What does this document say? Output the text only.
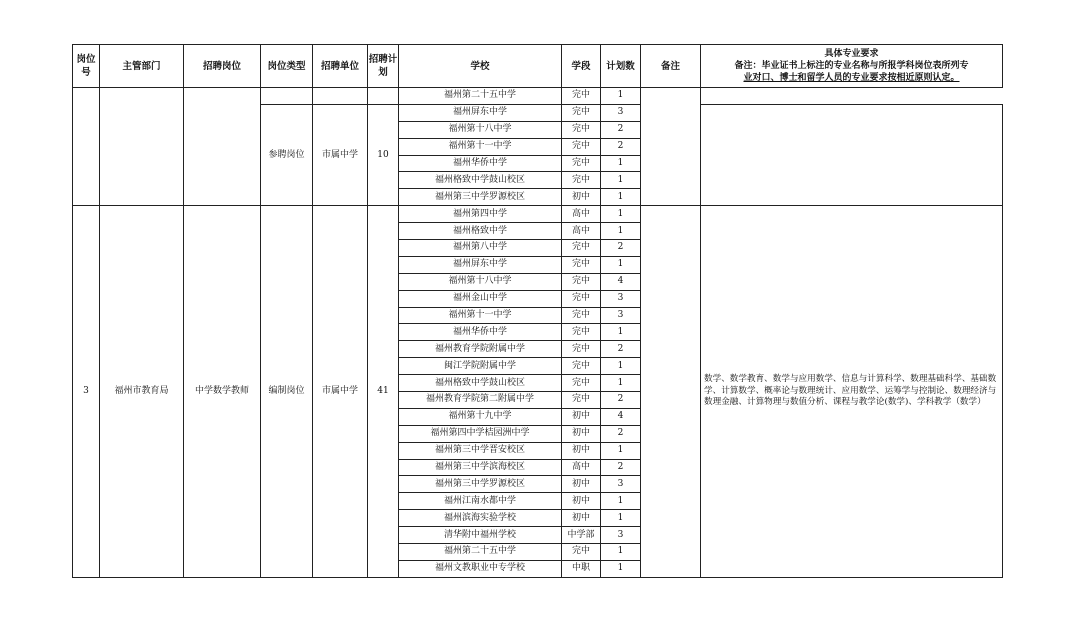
岗位号	主管部门	招聘岗位	岗位类型	招聘单位	招聘计划	学校	学段	计划数	备注	具体专业要求
备注：毕业证书上标注的专业名称与所报学科岗位表所列专
业对口、博士和留学人员的专业要求按相近原则认定。

						福州第二十五中学	完中	1		
			参聘岗位	市属中学	10	福州屏东中学	完中	3		
						福州第十八中学	完中	2		
						福州第十一中学	完中	2		
						福州华侨中学	完中	1		
						福州格致中学鼓山校区	完中	1		
						福州第三中学罗源校区	初中	1		
3	福州市教育局	中学数学教师	编制岗位	市属中学	41	福州第四中学	高中	1		数学、数学教育、数学与应用数学、信息与计算科学、数理基础科学、基础数学、计算数学、概率论与数理统计、应用数学、运筹学与控制论、数理经济与数理金融、计算物理与数值分析、课程与教学论(数学)、学科教学（数学）
						福州格致中学	高中	1		
						福州第八中学	完中	2		
						福州屏东中学	完中	1		
						福州第十八中学	完中	4		
						福州金山中学	完中	3		
						福州第十一中学	完中	3		
						福州华侨中学	完中	1		
						福州教育学院附属中学	完中	2		
						闽江学院附属中学	完中	1		
						福州格致中学鼓山校区	完中	1		
						福州教育学院第二附属中学	完中	2		
						福州第十九中学	初中	4		
						福州第四中学桔园洲中学	初中	2		
						福州第三中学晋安校区	初中	1		
						福州第三中学滨海校区	高中	2		
						福州第三中学罗源校区	初中	3		
						福州江南水都中学	初中	1		
						福州滨海实验学校	初中	1		
						清华附中福州学校	中学部	3		
						福州第二十五中学	完中	1		
						福州文教职业中专学校	中职	1		
